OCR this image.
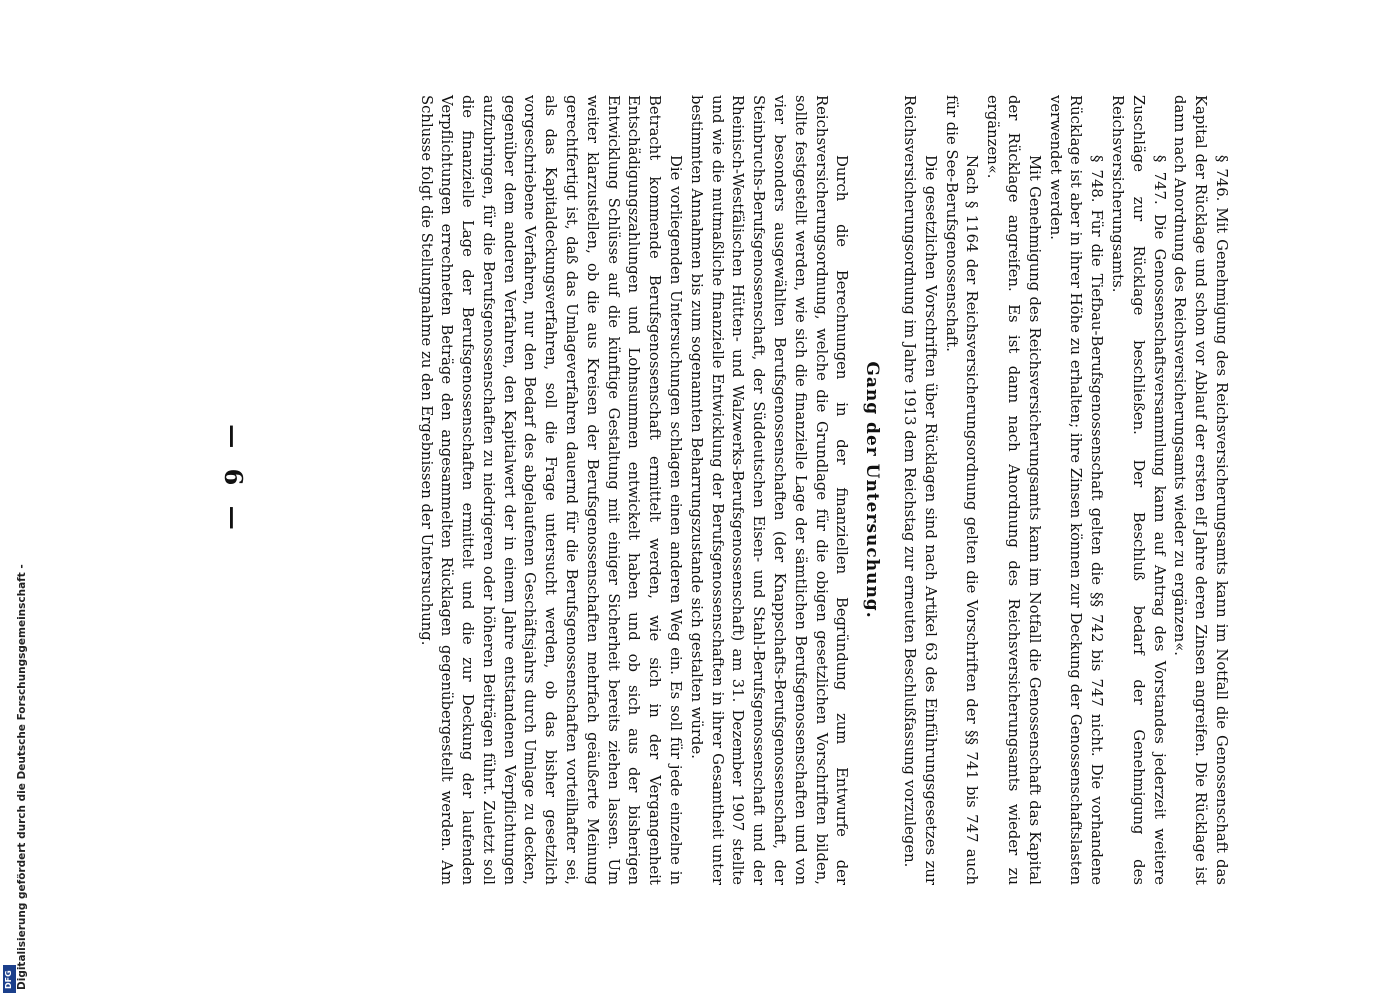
— 6 —	§ 746. Mit Genehmigung des Reichsversicherungsamts kann im Notfall die Genossenschaft das Kapital der Rücklage und schon vor Ablauf der ersten elf Jahre deren Zinsen angreifen. Die Rücklage ist dann nach Anordnung des Reichsversicherungsamts wieder zu ergänzen«.

§ 747. Die Genossenschaftsversammlung kann auf Antrag des Vorstandes jederzeit weitere Zuschläge zur Rücklage beschließen. Der Beschluß bedarf der Genehmigung des Reichsversicherungsamts.

§ 748. Für die Tiefbau-Berufsgenossenschaft gelten die §§ 742 bis 747 nicht. Die vorhandene Rücklage ist aber in ihrer Höhe zu erhalten; ihre Zinsen können zur Deckung der Genossenschaftslasten verwendet werden.

Mit Genehmigung des Reichsversicherungsamts kann im Notfall die Genossenschaft das Kapital der Rücklage angreifen. Es ist dann nach Anordnung des Reichsversicherungsamts wieder zu ergänzen«.

Nach § 1164 der Reichsversicherungsordnung gelten die Vorschriften der §§ 741 bis 747 auch für die See-Berufsgenossenschaft.

Die gesetzlichen Vorschriften über Rücklagen sind nach Artikel 63 des Einführungsgesetzes zur Reichsversicherungsordnung im Jahre 1913 dem Reichstag zur erneuten Beschlußfassung vorzulegen.

Gang der Untersuchung.

Durch die Berechnungen in der finanziellen Begründung zum Entwurfe der Reichsversicherungsordnung, welche die Grundlage für die obigen gesetzlichen Vorschriften bilden, sollte festgestellt werden, wie sich die finanzielle Lage der sämtlichen Berufsgenossenschaften und von vier besonders ausgewählten Berufsgenossenschaften (der Knappschafts-Berufsgenossenschaft, der Steinbruchs-Berufsgenossenschaft, der Süddeutschen Eisen- und Stahl-Berufsgenossenschaft und der Rheinisch-Westfälischen Hütten- und Walzwerks-Berufsgenossenschaft) am 31. Dezember 1907 stellte und wie die mutmaßliche finanzielle Entwicklung der Berufsgenossenschaften in ihrer Gesamtheit unter bestimmten Annahmen bis zum sogenannten Beharrungszustande sich gestalten würde.

Die vorliegenden Untersuchungen schlagen einen anderen Weg ein. Es soll für jede einzelne in Betracht kommende Berufsgenossenschaft ermittelt werden, wie sich in der Vergangenheit Entschädigungszahlungen und Lohnsummen entwickelt haben und ob sich aus der bisherigen Entwicklung Schlüsse auf die künftige Gestaltung mit einiger Sicherheit bereits ziehen lassen. Um weiter klarzustellen, ob die aus Kreisen der Berufsgenossenschaften mehrfach geäußerte Meinung gerechtfertigt ist, daß das Umlageverfahren dauernd für die Berufsgenossenschaften vorteilhafter sei, als das Kapitaldeckungsverfahren, soll die Frage untersucht werden, ob das bisher gesetzlich vorgeschriebene Verfahren, nur den Bedarf des abgelaufenen Geschäftsjahrs durch Umlage zu decken, gegenüber dem anderen Verfahren, den Kapitalwert der in einem Jahre entstandenen Verpflichtungen aufzubringen, für die Berufsgenossenschaften zu niedrigeren oder höheren Beiträgen führt. Zuletzt soll die finanzielle Lage der Berufsgenossenschaften ermittelt und die zur Deckung der laufenden Verpflichtungen errechneten Beträge den angesammelten Rücklagen gegenübergestellt werden. Am Schlusse folgt die Stellungnahme zu den Ergebnissen der Untersuchung.

Digitalisierung gefördert durch die Deutsche Forschungsgemeinschaft -
DFG
